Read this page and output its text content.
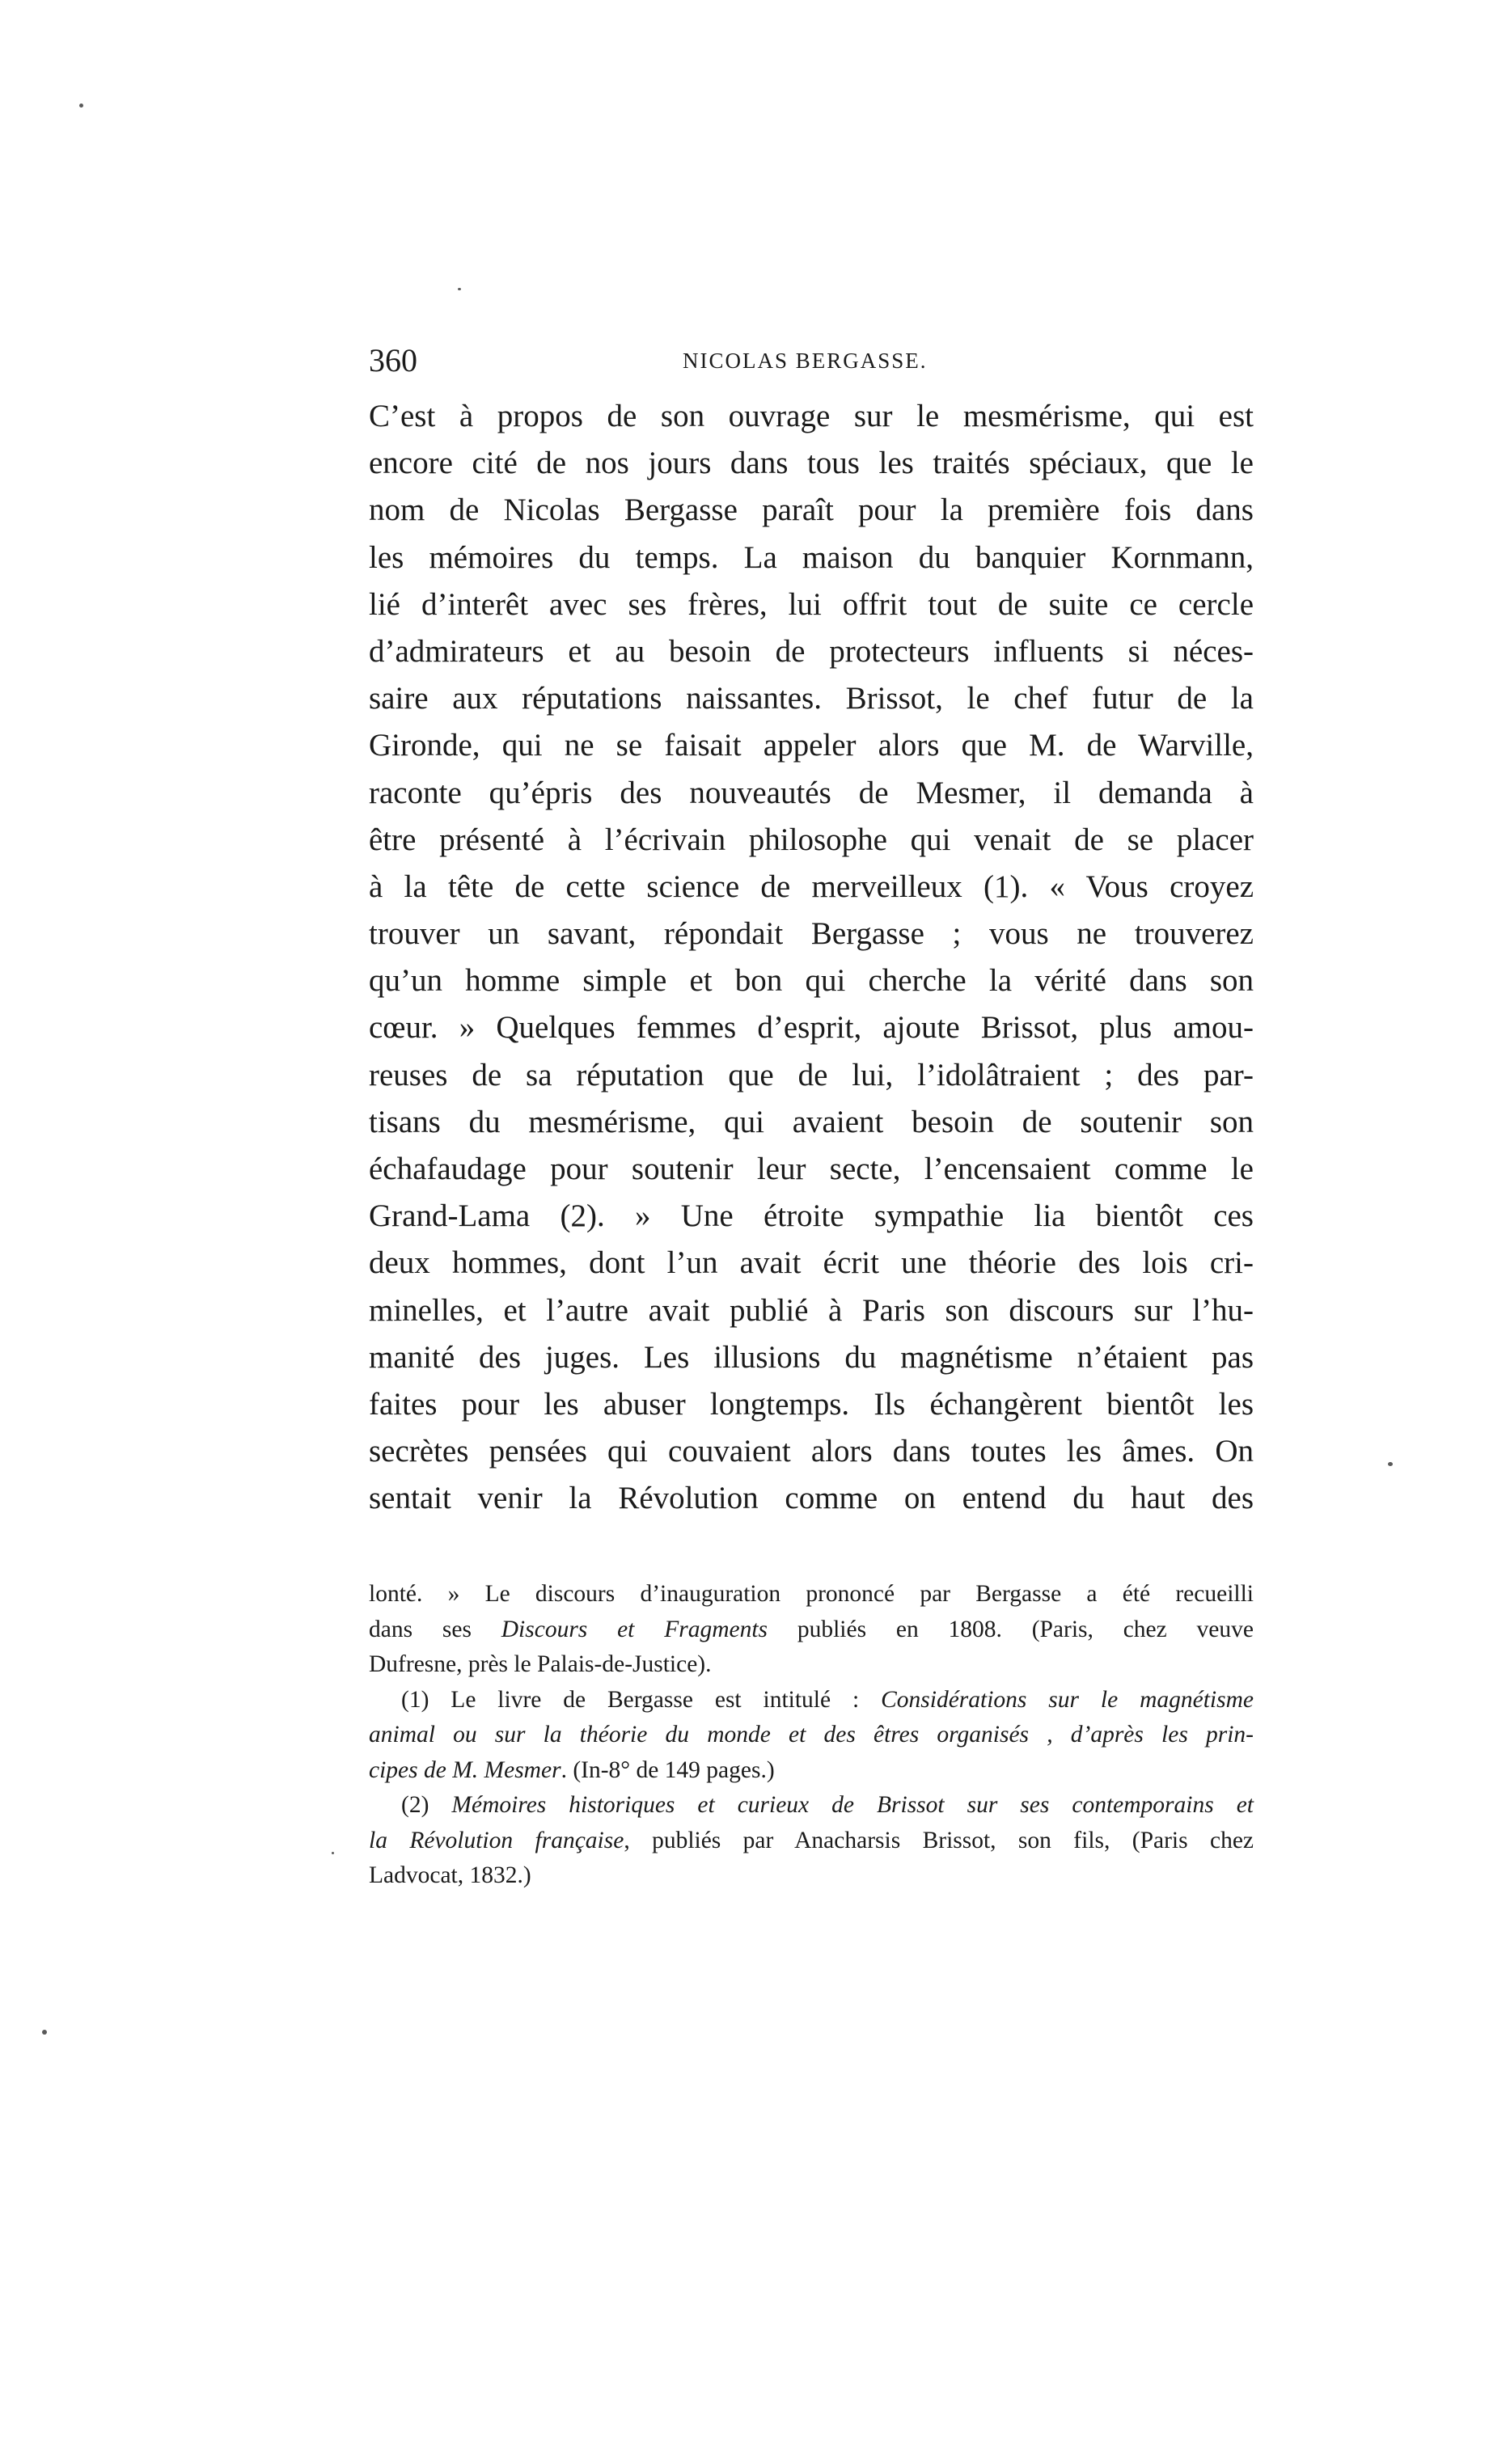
360	NICOLAS BERGASSE.
C’est à propos de son ouvrage sur le mesmérisme, qui est
encore cité de nos jours dans tous les traités spéciaux, que le
nom de Nicolas Bergasse paraît pour la première fois dans
les mémoires du temps. La maison du banquier Kornmann,
lié d’interêt avec ses frères, lui offrit tout de suite ce cercle
d’admirateurs et au besoin de protecteurs influents si néces-
saire aux réputations naissantes. Brissot, le chef futur de la
Gironde, qui ne se faisait appeler alors que M. de Warville,
raconte qu’épris des nouveautés de Mesmer, il demanda à
être présenté à l’écrivain philosophe qui venait de se placer
à la tête de cette science de merveilleux (1). « Vous croyez
trouver un savant, répondait Bergasse ; vous ne trouverez
qu’un homme simple et bon qui cherche la vérité dans son
cœur. » Quelques femmes d’esprit, ajoute Brissot, plus amou-
reuses de sa réputation que de lui, l’idolâtraient ; des par-
tisans du mesmérisme, qui avaient besoin de soutenir son
échafaudage pour soutenir leur secte, l’encensaient comme le
Grand-Lama (2). » Une étroite sympathie lia bientôt ces
deux hommes, dont l’un avait écrit une théorie des lois cri-
minelles, et l’autre avait publié à Paris son discours sur l’hu-
manité des juges. Les illusions du magnétisme n’étaient pas
faites pour les abuser longtemps. Ils échangèrent bientôt les
secrètes pensées qui couvaient alors dans toutes les âmes. On
sentait venir la Révolution comme on entend du haut des
lonté. » Le discours d’inauguration prononcé par Bergasse a été recueilli
dans ses Discours et Fragments publiés en 1808. (Paris, chez veuve
Dufresne, près le Palais-de-Justice).
(1) Le livre de Bergasse est intitulé : Considérations sur le magnétisme
animal ou sur la théorie du monde et des êtres organisés , d’après les prin-
cipes de M. Mesmer. (In-8° de 149 pages.)
(2) Mémoires historiques et curieux de Brissot sur ses contemporains et
la Révolution française, publiés par Anacharsis Brissot, son fils, (Paris chez
Ladvocat, 1832.)
